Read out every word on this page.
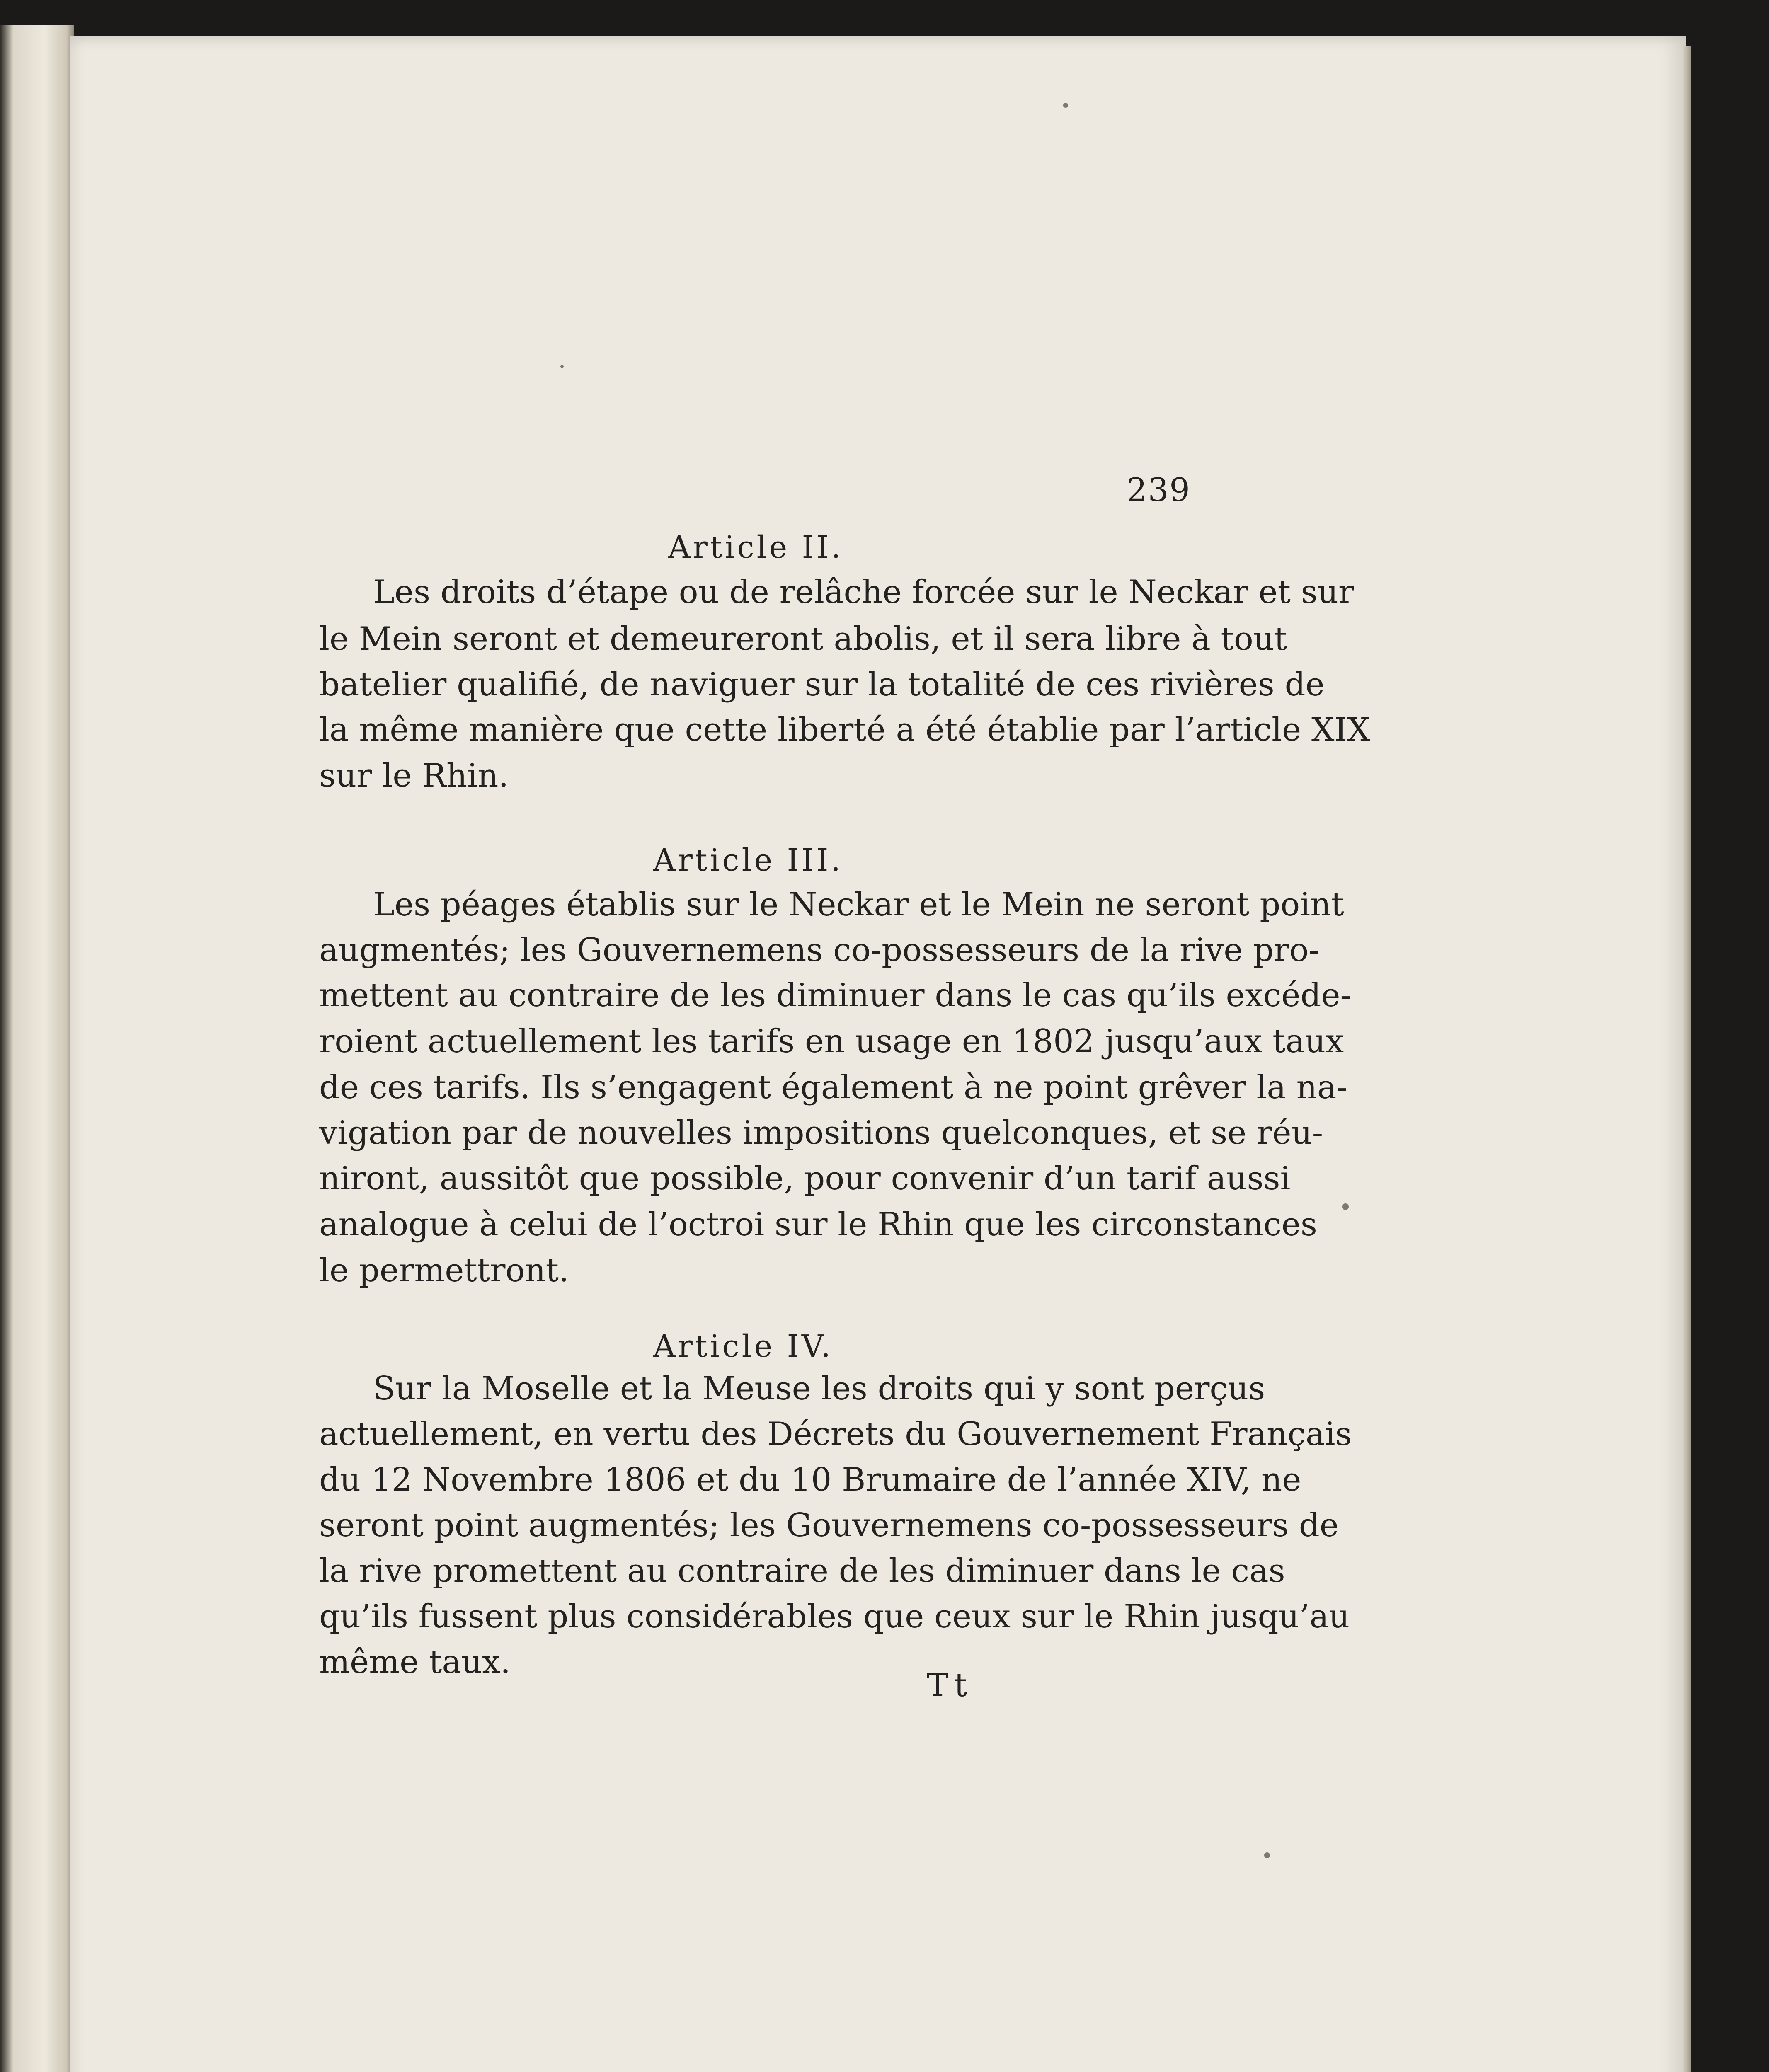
239
Article II.
Les droits d’étape ou de relâche forcée sur le Neckar et sur
le Mein seront et demeureront abolis, et il sera libre à tout
batelier qualifié, de naviguer sur la totalité de ces rivières de
la même manière que cette liberté a été établie par l’article XIX
sur le Rhin.
Article III.
Les péages établis sur le Neckar et le Mein ne seront point
augmentés; les Gouvernemens co-possesseurs de la rive pro-
mettent au contraire de les diminuer dans le cas qu’ils excéde-
roient actuellement les tarifs en usage en 1802 jusqu’aux taux
de ces tarifs. Ils s’engagent également à ne point grêver la na-
vigation par de nouvelles impositions quelconques, et se réu-
niront, aussitôt que possible, pour convenir d’un tarif aussi
analogue à celui de l’octroi sur le Rhin que les circonstances
le permettront.
Article IV.
Sur la Moselle et la Meuse les droits qui y sont perçus
actuellement, en vertu des Décrets du Gouvernement Français
du 12 Novembre 1806 et du 10 Brumaire de l’année XIV, ne
seront point augmentés; les Gouvernemens co-possesseurs de
la rive promettent au contraire de les diminuer dans le cas
qu’ils fussent plus considérables que ceux sur le Rhin jusqu’au
même taux.
Tt
